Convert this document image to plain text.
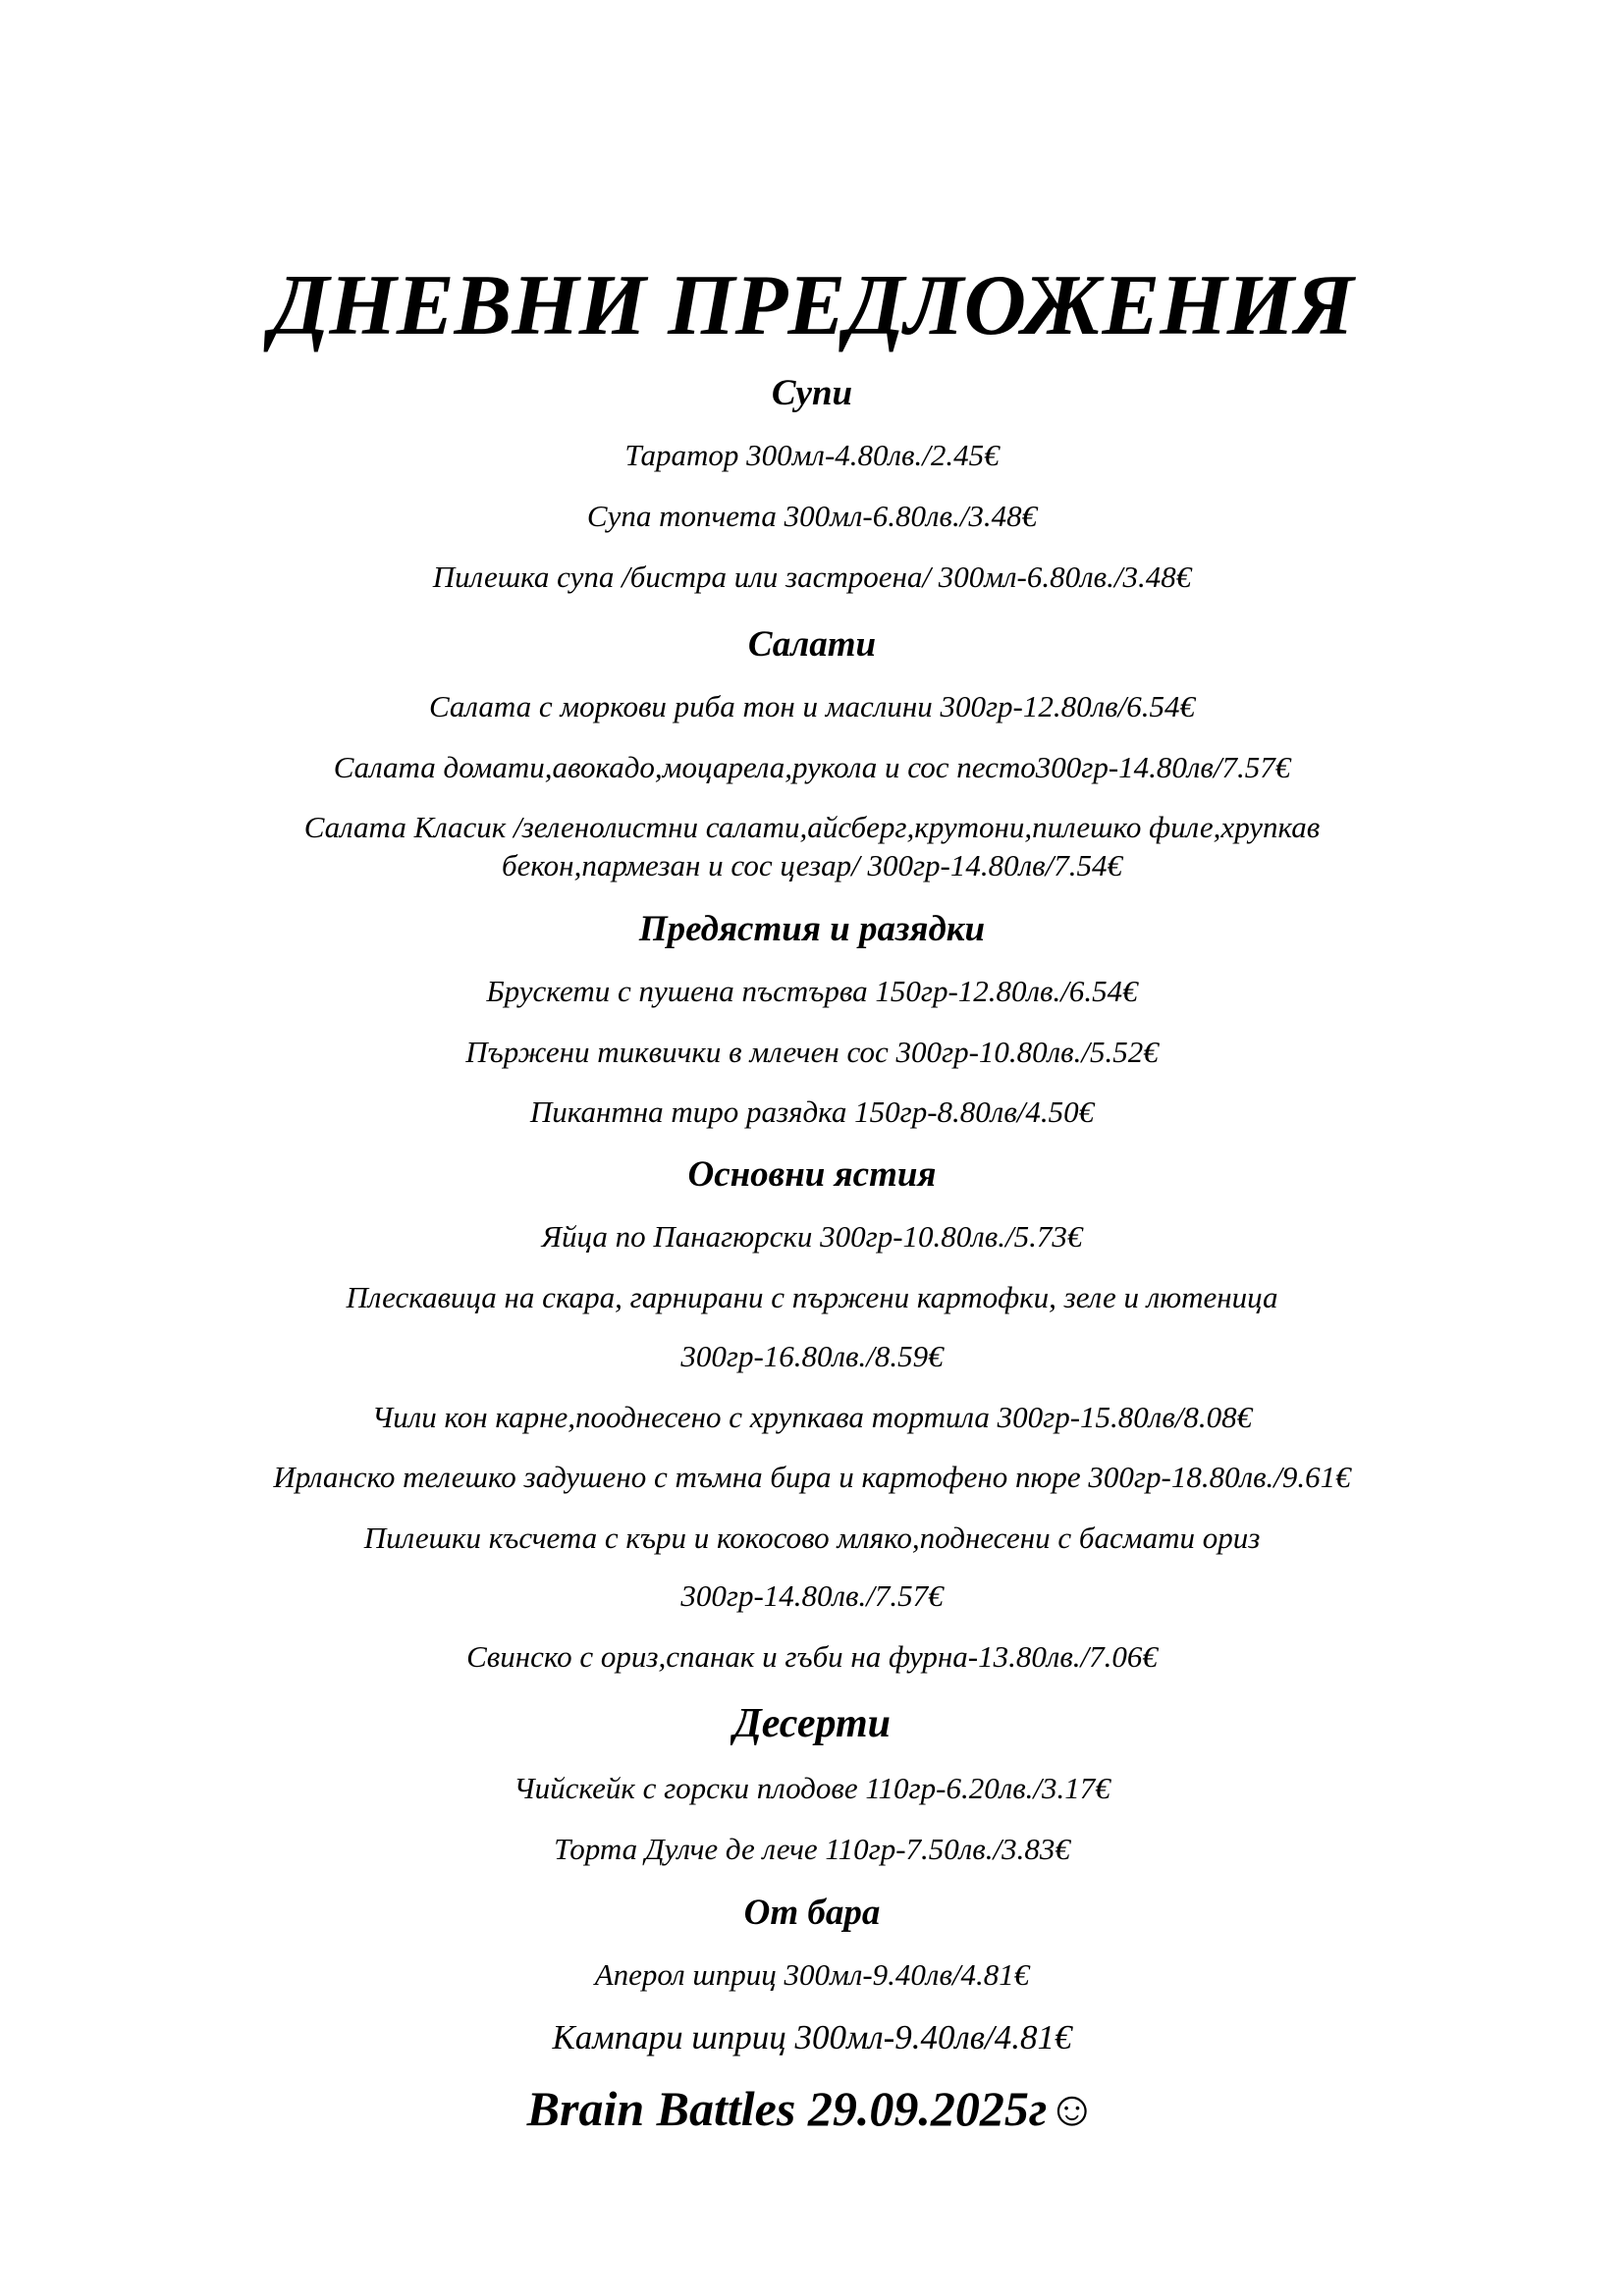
ДНЕВНИ ПРЕДЛОЖЕНИЯ
Супи

Таратор 300мл-4.80лв./2.45€

Супа топчета 300мл-6.80лв./3.48€

Пилешка супа /бистра или застроена/ 300мл-6.80лв./3.48€

Салати

Салата с моркови риба тон и маслини 300гр-12.80лв/6.54€

Салата домати,авокадо,моцарела,рукола и сос песто300гр-14.80лв/7.57€

Салата Класик /зеленолистни салати,айсберг,крутони,пилешко филе,хрупкав

бекон,пармезан и сос цезар/ 300гр-14.80лв/7.54€

Предястия и разядки

Брускети с пушена пъстърва 150гр-12.80лв./6.54€

Пържени тиквички в млечен сос 300гр-10.80лв./5.52€

Пикантна тиро разядка 150гр-8.80лв/4.50€

Основни ястия

Яйца по Панагюрски 300гр-10.80лв./5.73€

Плескавица на скара, гарнирани с пържени картофки, зеле и лютеница

300гр-16.80лв./8.59€

Чили кон карне,пооднесено с хрупкава тортила 300гр-15.80лв/8.08€

Ирланско телешко задушено с тъмна бира и картофено пюре 300гр-18.80лв./9.61€

Пилешки късчета с къри и кокосово мляко,поднесени с басмати ориз

300гр-14.80лв./7.57€

Свинско с ориз,спанак и гъби на фурна-13.80лв./7.06€

Десерти

Чийскейк с горски плодове 110гр-6.20лв./3.17€

Торта Дулче де лече 110гр-7.50лв./3.83€

От бара

Аперол шприц 300мл-9.40лв/4.81€

Кампари шприц 300мл-9.40лв/4.81€

Brain Battles 29.09.2025г☺
